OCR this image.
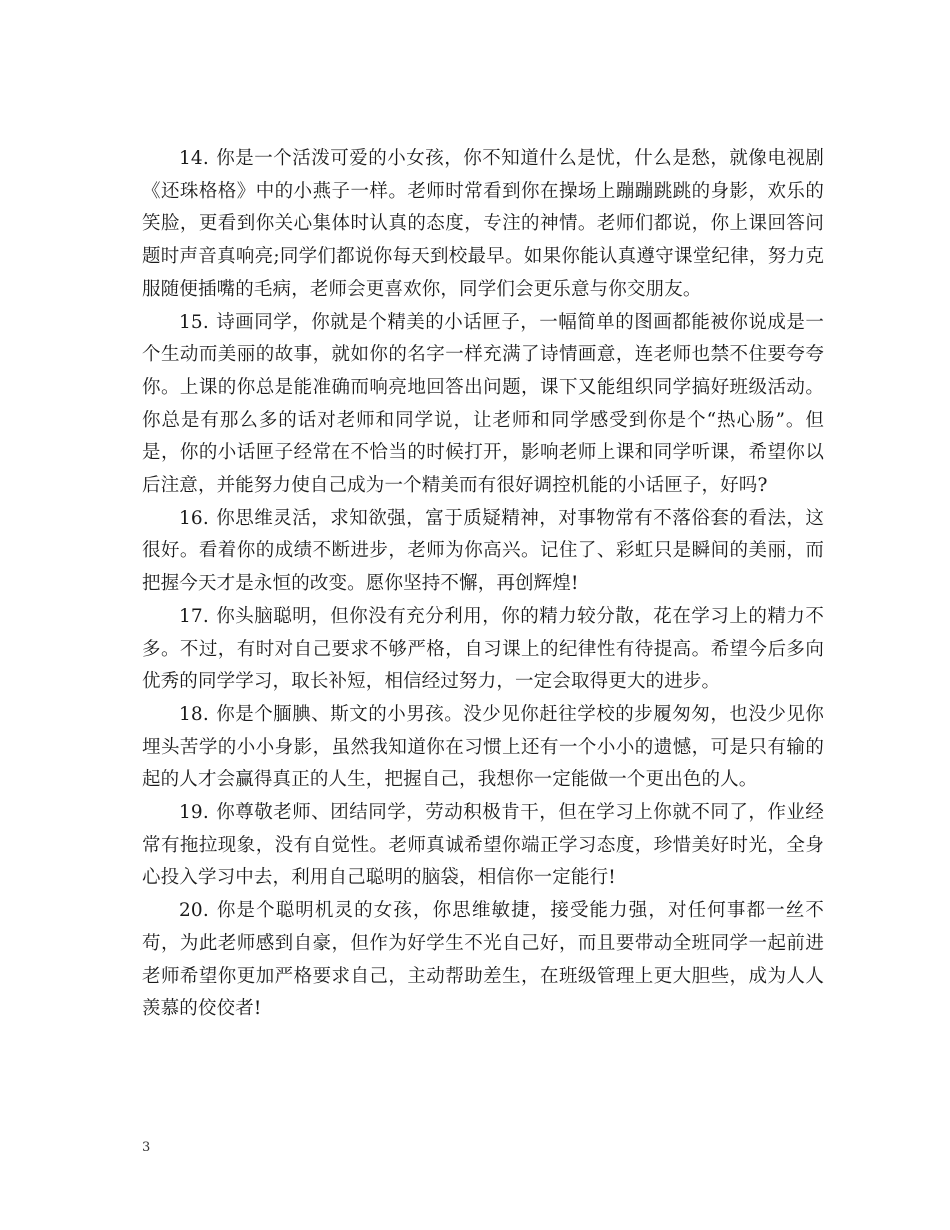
14. 你是一个活泼可爱的小女孩，你不知道什么是忧，什么是愁，就像电视剧《还珠格格》中的小燕子一样。老师时常看到你在操场上蹦蹦跳跳的身影，欢乐的笑脸，更看到你关心集体时认真的态度，专注的神情。老师们都说，你上课回答问题时声音真响亮;同学们都说你每天到校最早。如果你能认真遵守课堂纪律，努力克服随便插嘴的毛病，老师会更喜欢你，同学们会更乐意与你交朋友。

15. 诗画同学，你就是个精美的小话匣子，一幅简单的图画都能被你说成是一个生动而美丽的故事，就如你的名字一样充满了诗情画意，连老师也禁不住要夸夸你。上课的你总是能准确而响亮地回答出问题，课下又能组织同学搞好班级活动。你总是有那么多的话对老师和同学说，让老师和同学感受到你是个“热心肠”。但是，你的小话匣子经常在不恰当的时候打开，影响老师上课和同学听课，希望你以后注意，并能努力使自己成为一个精美而有很好调控机能的小话匣子，好吗?

16. 你思维灵活，求知欲强，富于质疑精神，对事物常有不落俗套的看法，这很好。看着你的成绩不断进步，老师为你高兴。记住了、彩虹只是瞬间的美丽，而把握今天才是永恒的改变。愿你坚持不懈，再创辉煌!

17. 你头脑聪明，但你没有充分利用，你的精力较分散，花在学习上的精力不多。不过，有时对自己要求不够严格，自习课上的纪律性有待提高。希望今后多向优秀的同学学习，取长补短，相信经过努力，一定会取得更大的进步。

18. 你是个腼腆、斯文的小男孩。没少见你赶往学校的步履匆匆，也没少见你埋头苦学的小小身影，虽然我知道你在习惯上还有一个小小的遗憾，可是只有输的起的人才会赢得真正的人生，把握自己，我想你一定能做一个更出色的人。

19. 你尊敬老师、团结同学，劳动积极肯干，但在学习上你就不同了，作业经常有拖拉现象，没有自觉性。老师真诚希望你端正学习态度，珍惜美好时光，全身心投入学习中去，利用自己聪明的脑袋，相信你一定能行!

20. 你是个聪明机灵的女孩，你思维敏捷，接受能力强，对任何事都一丝不苟，为此老师感到自豪，但作为好学生不光自己好，而且要带动全班同学一起前进老师希望你更加严格要求自己，主动帮助差生，在班级管理上更大胆些，成为人人羡慕的佼佼者!

3
